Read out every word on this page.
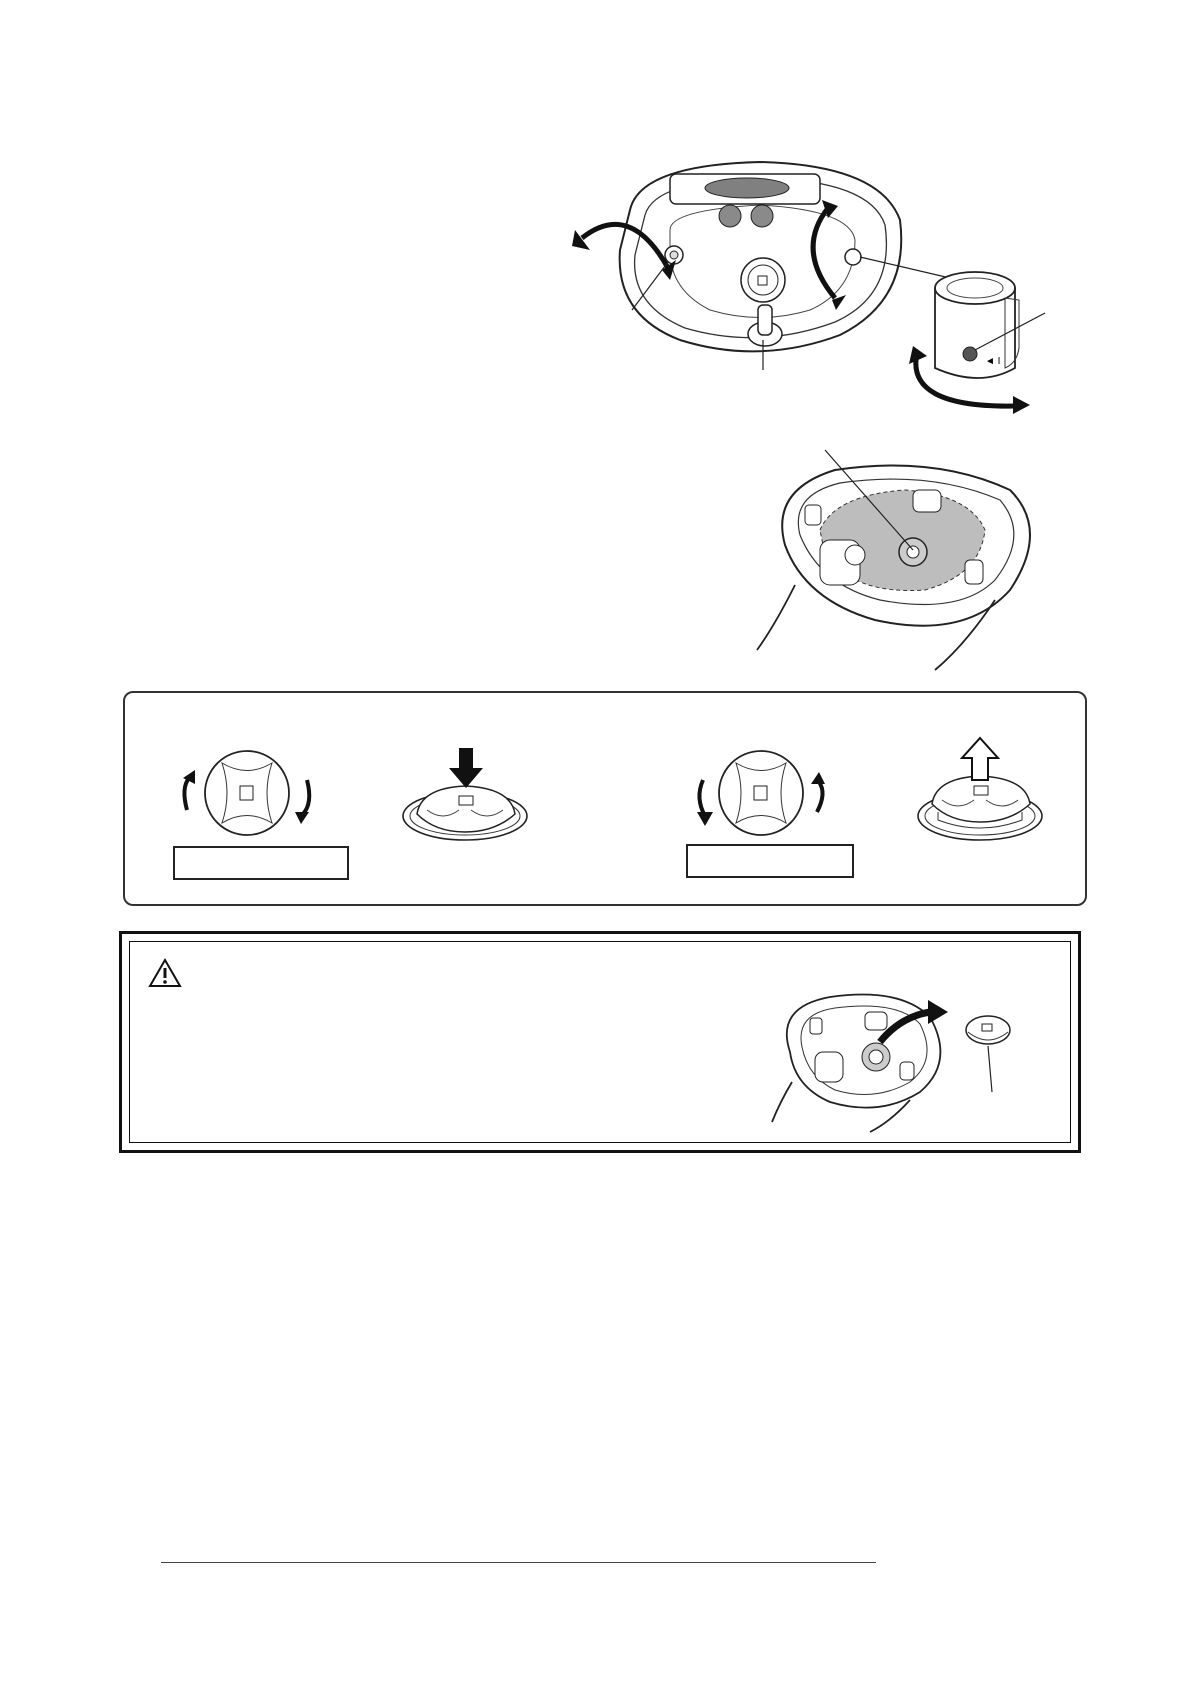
◄ I
